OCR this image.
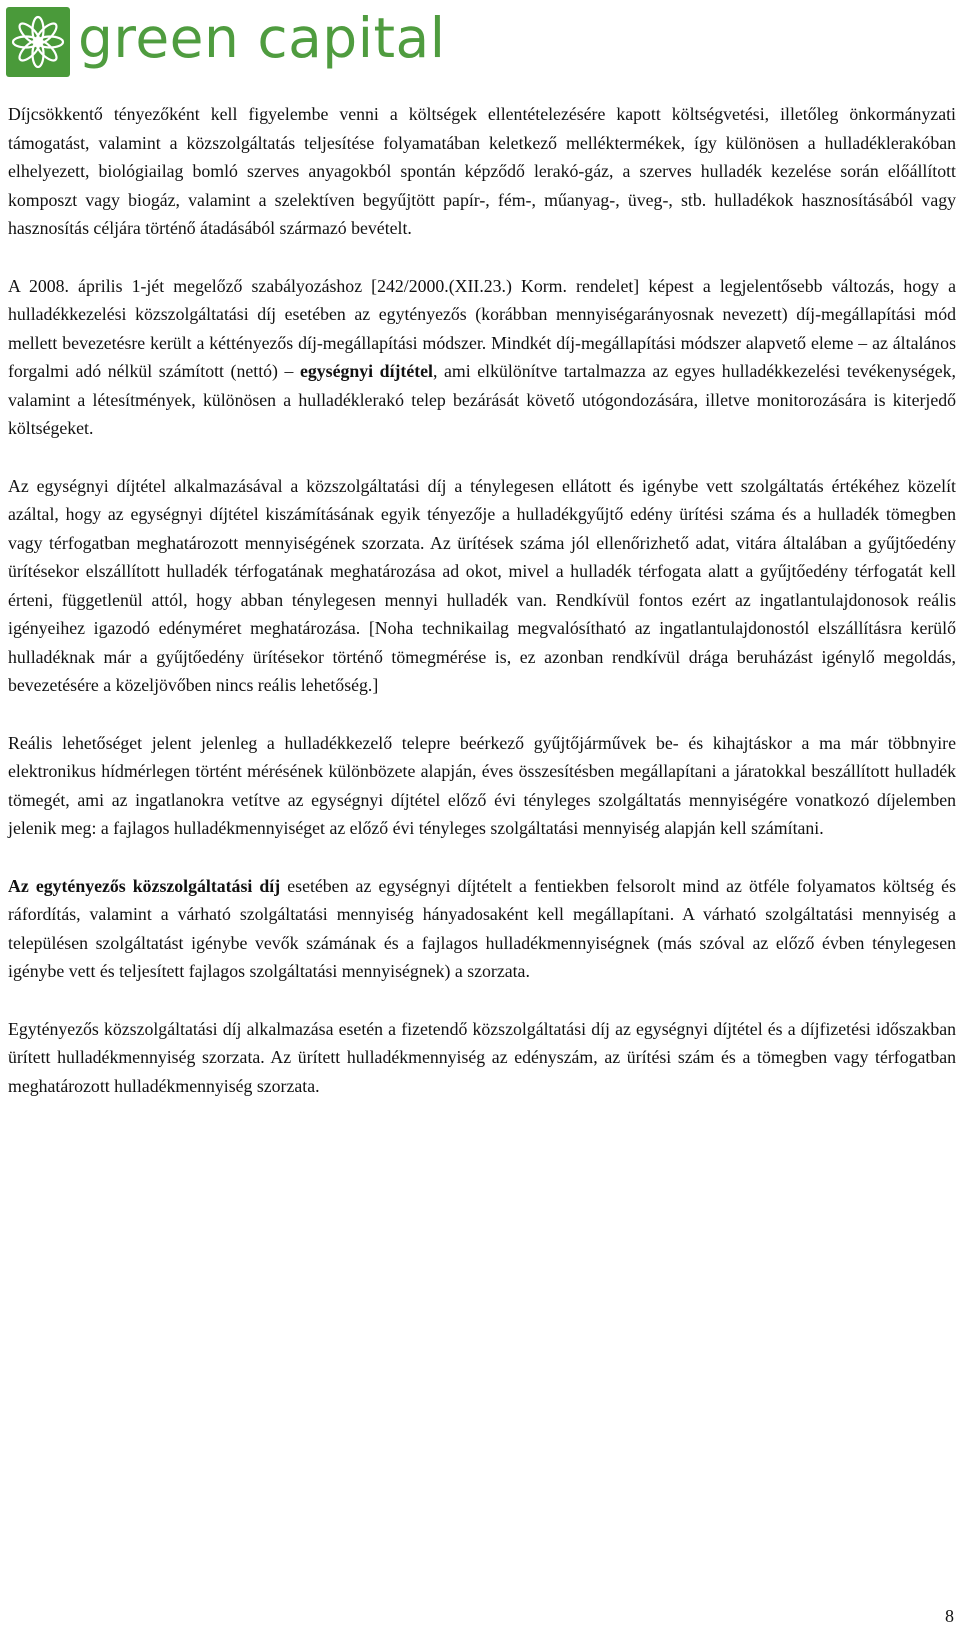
green capital

Díjcsökkentő tényezőként kell figyelembe venni a költségek ellentételezésére kapott költségvetési, illetőleg önkormányzati támogatást, valamint a közszolgáltatás teljesítése folyamatában keletkező melléktermékek, így különösen a hulladéklerakóban elhelyezett, biológiailag bomló szerves anyagokból spontán képződő lerakó-gáz, a szerves hulladék kezelése során előállított komposzt vagy biogáz, valamint a szelektíven begyűjtött papír-, fém-, műanyag-, üveg-, stb. hulladékok hasznosításából vagy hasznosítás céljára történő átadásából származó bevételt.

A 2008. április 1-jét megelőző szabályozáshoz [242/2000.(XII.23.) Korm. rendelet] képest a legjelentősebb változás, hogy a hulladékkezelési közszolgáltatási díj esetében az egytényezős (korábban mennyiségarányosnak nevezett) díj-megállapítási mód mellett bevezetésre került a kéttényezős díj-megállapítási módszer. Mindkét díj-megállapítási módszer alapvető eleme – az általános forgalmi adó nélkül számított (nettó) – egységnyi díjtétel, ami elkülönítve tartalmazza az egyes hulladékkezelési tevékenységek, valamint a létesítmények, különösen a hulladéklerakó telep bezárását követő utógondozására, illetve monitorozására is kiterjedő költségeket.

Az egységnyi díjtétel alkalmazásával a közszolgáltatási díj a ténylegesen ellátott és igénybe vett szolgáltatás értékéhez közelít azáltal, hogy az egységnyi díjtétel kiszámításának egyik tényezője a hulladékgyűjtő edény ürítési száma és a hulladék tömegben vagy térfogatban meghatározott mennyiségének szorzata. Az ürítések száma jól ellenőrizhető adat, vitára általában a gyűjtőedény ürítésekor elszállított hulladék térfogatának meghatározása ad okot, mivel a hulladék térfogata alatt a gyűjtőedény térfogatát kell érteni, függetlenül attól, hogy abban ténylegesen mennyi hulladék van. Rendkívül fontos ezért az ingatlantulajdonosok reális igényeihez igazodó edényméret meghatározása. [Noha technikailag megvalósítható az ingatlantulajdonostól elszállításra kerülő hulladéknak már a gyűjtőedény ürítésekor történő tömegmérése is, ez azonban rendkívül drága beruházást igénylő megoldás, bevezetésére a közeljövőben nincs reális lehetőség.]

Reális lehetőséget jelent jelenleg a hulladékkezelő telepre beérkező gyűjtőjárművek be- és kihajtáskor a ma már többnyire elektronikus hídmérlegen történt mérésének különbözete alapján, éves összesítésben megállapítani a járatokkal beszállított hulladék tömegét, ami az ingatlanokra vetítve az egységnyi díjtétel előző évi tényleges szolgáltatás mennyiségére vonatkozó díjelemben jelenik meg: a fajlagos hulladékmennyiséget az előző évi tényleges szolgáltatási mennyiség alapján kell számítani.

Az egytényezős közszolgáltatási díj esetében az egységnyi díjtételt a fentiekben felsorolt mind az ötféle folyamatos költség és ráfordítás, valamint a várható szolgáltatási mennyiség hányadosaként kell megállapítani. A várható szolgáltatási mennyiség a településen szolgáltatást igénybe vevők számának és a fajlagos hulladékmennyiségnek (más szóval az előző évben ténylegesen igénybe vett és teljesített fajlagos szolgáltatási mennyiségnek) a szorzata.

Egytényezős közszolgáltatási díj alkalmazása esetén a fizetendő közszolgáltatási díj az egységnyi díjtétel és a díjfizetési időszakban ürített hulladékmennyiség szorzata. Az ürített hulladékmennyiség az edényszám, az ürítési szám és a tömegben vagy térfogatban meghatározott hulladékmennyiség szorzata.

8
